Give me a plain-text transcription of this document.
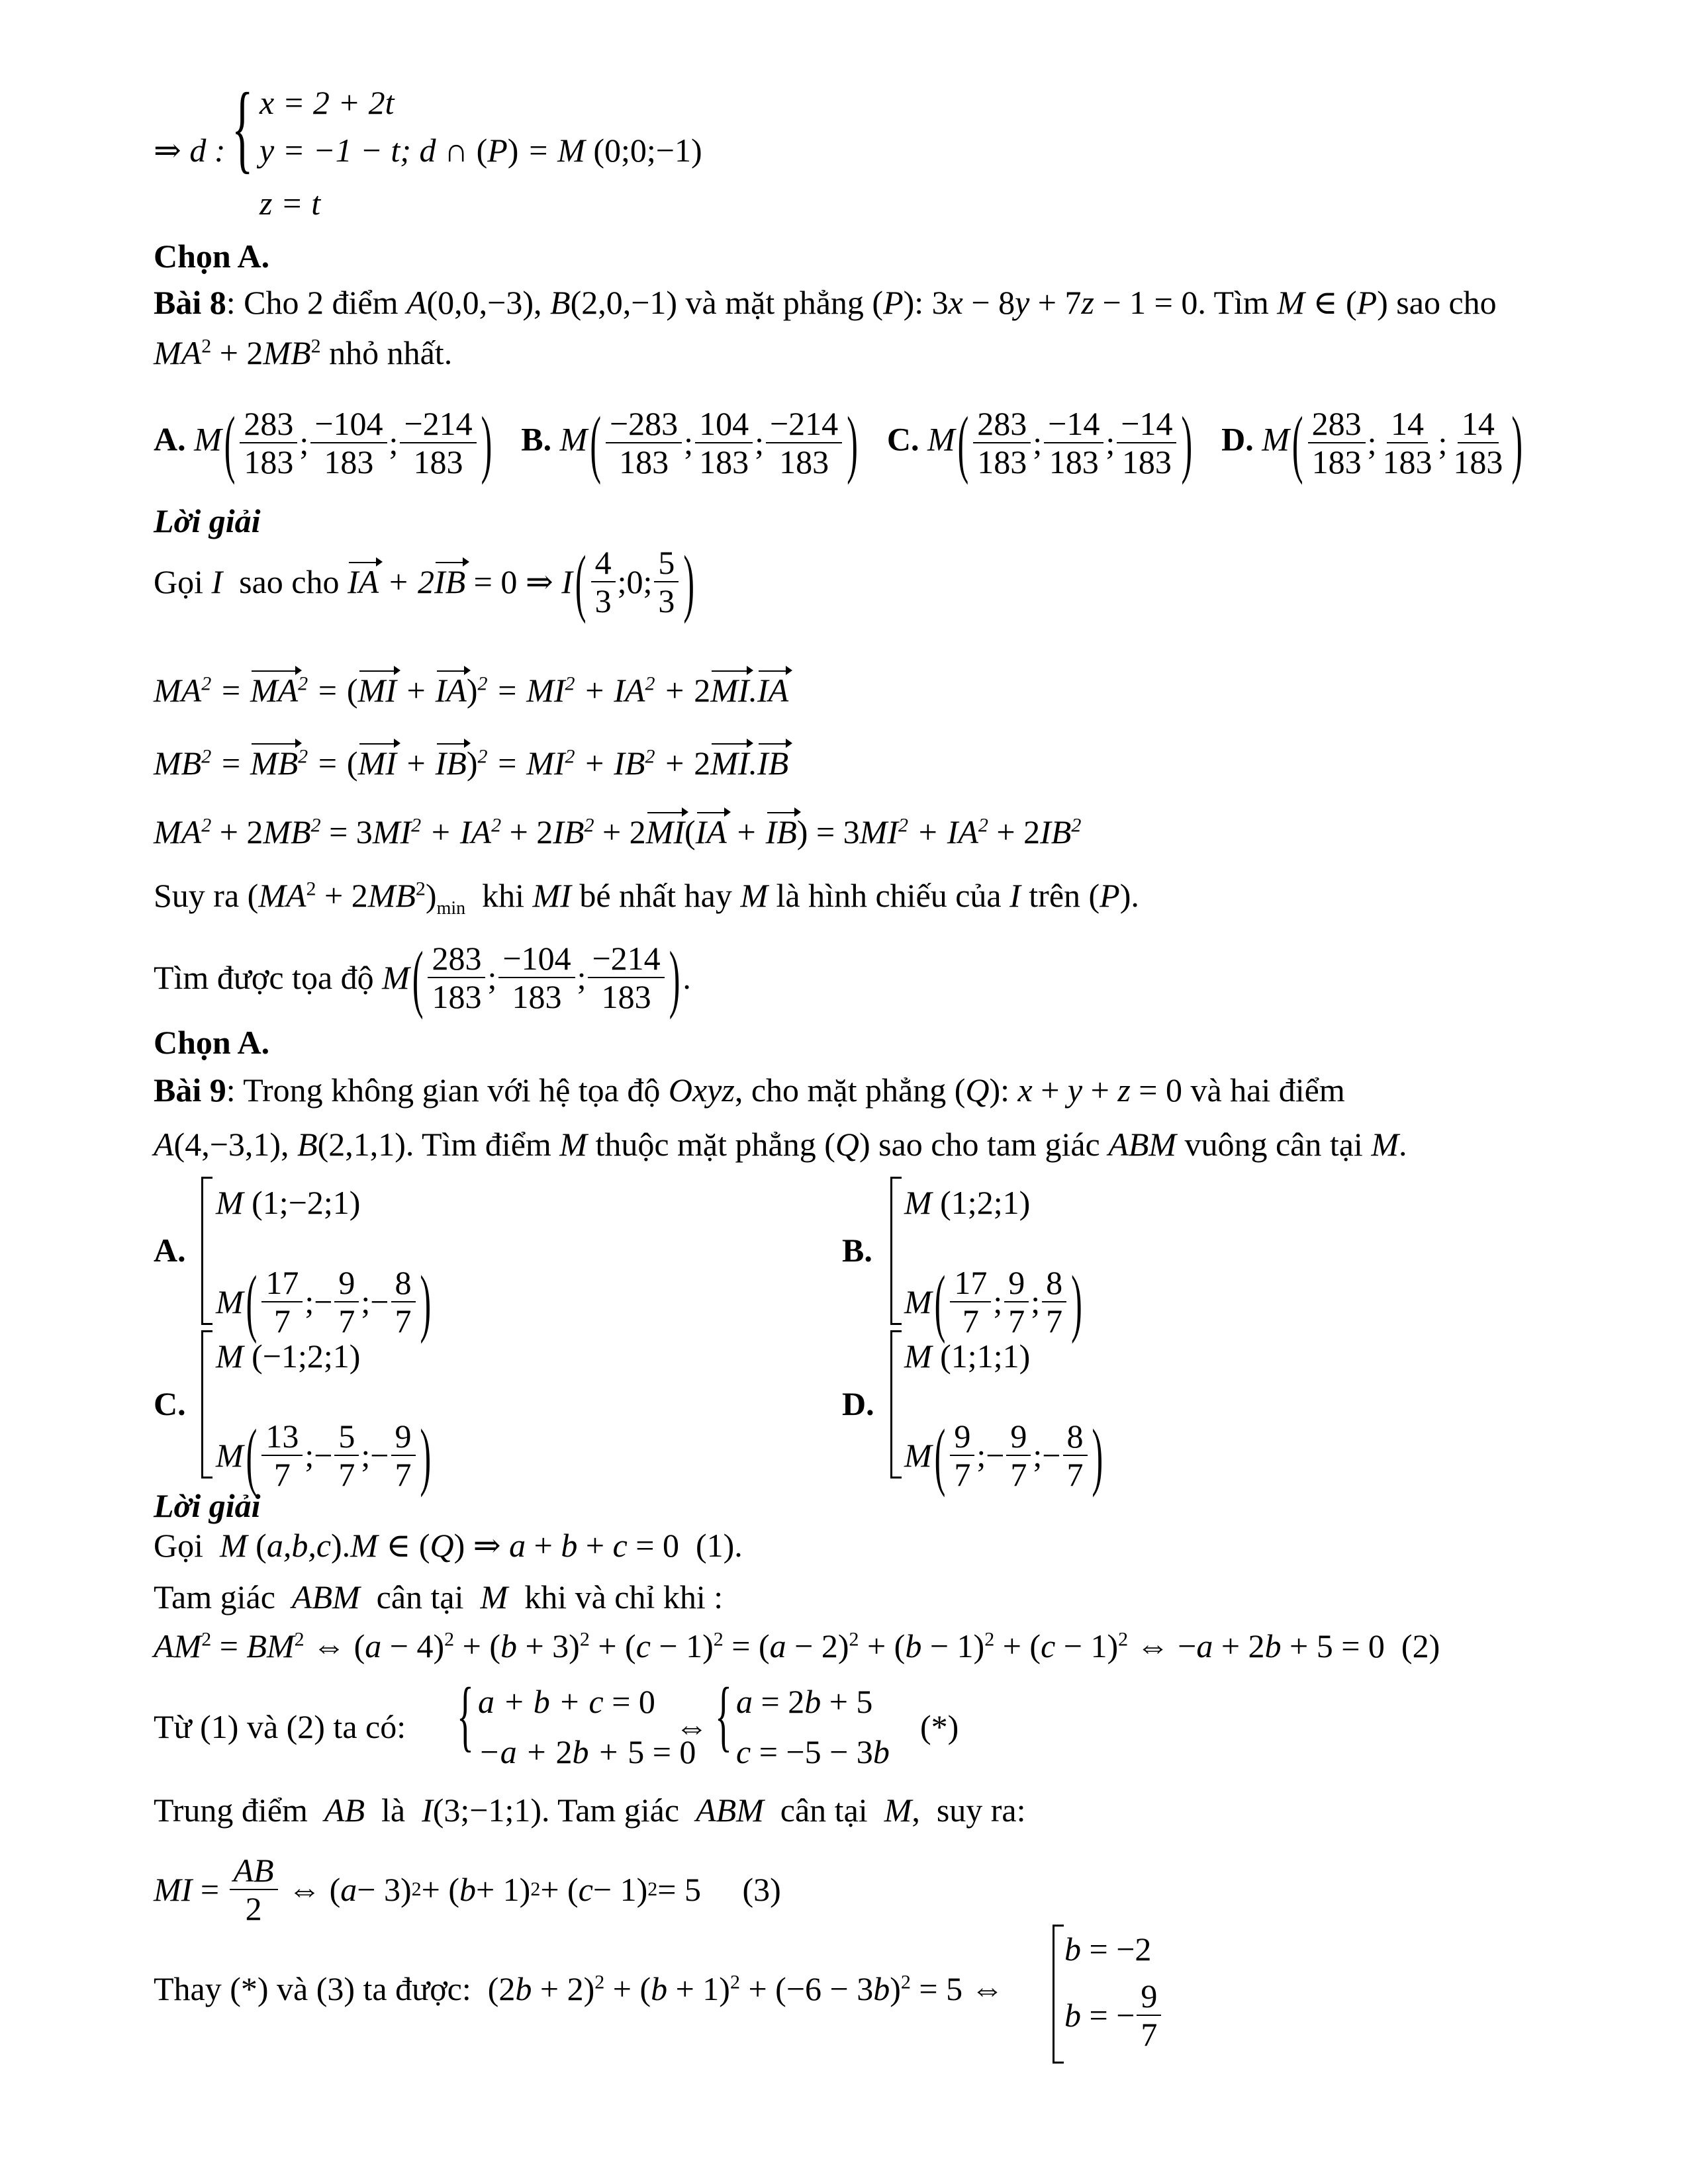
⇒ d : { x = 2 + 2t
y = −1 − t; d ∩ (P) = M (0;0;−1)
z = t
Chọn A.
Bài 8: Cho 2 điểm A(0,0,−3), B(2,0,−1) và mặt phẳng (P): 3x − 8y + 7z − 1 = 0. Tìm M ∈ (P) sao cho
$MA^2 + 2MB^2$ nhỏ nhất.
A. M ( $\frac{283}{183}$ ; $\frac{-104}{183}$ ; $\frac{-214}{183}$ ) B. M ( $\frac{-283}{183}$ ; $\frac{104}{183}$ ; $\frac{-214}{183}$ ) C. M ( $\frac{283}{183}$ ; $\frac{-14}{183}$ ; $\frac{-14}{183}$ ) D. M ( $\frac{283}{183}$ ; $\frac{14}{183}$ ; $\frac{14}{183}$ )
Lời giải
Gọi I sao cho IA + 2IB = 0 ⇒ I ( $\frac{4}{3}$ ;0; $\frac{5}{3}$ )
$MA^2 = MA^2 = (MI + IA)^2 = MI^2 + IA^2 + 2MI.IA$
$MB^2 = MB^2 = (MI + IB)^2 = MI^2 + IB^2 + 2MI.IB$
$MA^2 + 2MB^2 = 3MI^2 + IA^2 + 2IB^2 + 2MI(IA + IB) = 3MI^2 + IA^2 + 2IB^2$
Suy ra $(MA^2 + 2MB^2)_{min}$  khi MI bé nhất hay M là hình chiếu của I trên (P).
Tìm được tọa độ M ( $\frac{283}{183}$ ; $\frac{-104}{183}$ ; $\frac{-214}{183}$ ) .
Chọn A.
Bài 9: Trong không gian với hệ tọa độ Oxyz, cho mặt phẳng (Q): x + y + z = 0 và hai điểm
A(4,−3,1), B(2,1,1). Tìm điểm M thuộc mặt phẳng (Q) sao cho tam giác ABM vuông cân tại M.
A.
M (1;−2;1)
M ( $\frac{17}{7}$ ;− $\frac{9}{7}$ ;− $\frac{8}{7}$ )
B.
M (1;2;1)
M ( $\frac{17}{7}$ ; $\frac{9}{7}$ ; $\frac{8}{7}$ )
C.
M (−1;2;1)
M ( $\frac{13}{7}$ ;− $\frac{5}{7}$ ;− $\frac{9}{7}$ )
D.
M (1;1;1)
M ( $\frac{9}{7}$ ;− $\frac{9}{7}$ ;− $\frac{8}{7}$ )
Lời giải
Gọi  M (a,b,c).M ∈ (Q) ⇒ a + b + c = 0  (1).
Tam giác  ABM  cân tại  M  khi và chỉ khi :
$AM^2 = BM^2$ ⇔ $(a - 4)^2 + (b + 3)^2 + (c - 1)^2 = (a - 2)^2 + (b - 1)^2 + (c - 1)^2$ ⇔ −a + 2b + 5 = 0  (2)
Từ (1) và (2) ta có: { a + b + c = 0
−a + 2b + 5 = 0
⇔ { a = 2b + 5
c = −5 − 3b
(*)
Trung điểm  AB  là  I(3;−1;1). Tam giác  ABM  cân tại  M,  suy ra:
MI = $\frac{AB}{2}$ ⇔ ( a − 3) 2 + ( b + 1) 2 + ( c − 1) 2 = 5     (3)
Thay (*) và (3) ta được:  $(2b + 2)^2 + (b + 1)^2 + (-6 - 3b)^2 = 5$ ⇔
b = −2
b = − $\frac{9}{7}$
